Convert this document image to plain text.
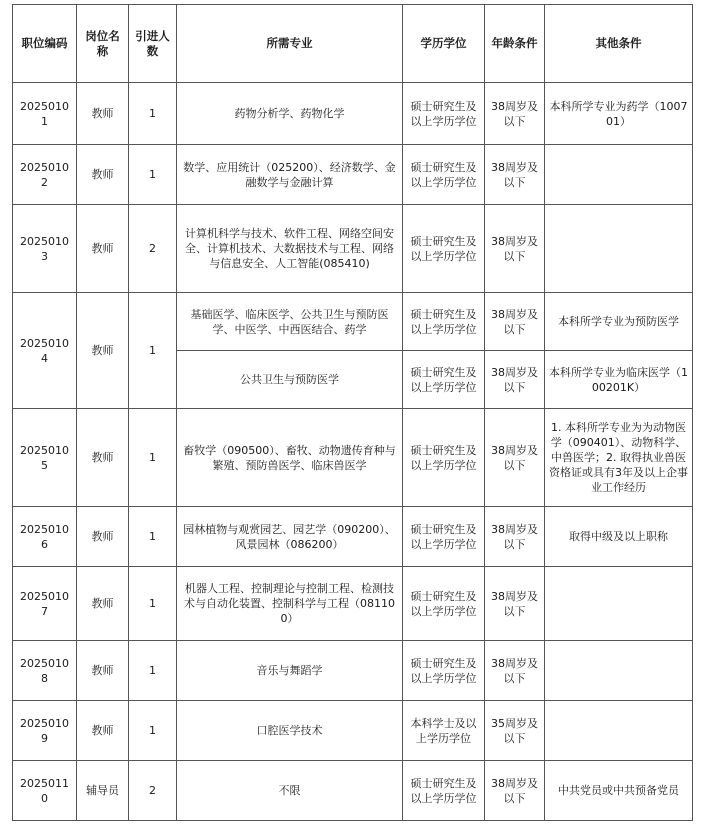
职位编码	岗位名称	引进人数	所需专业	学历学位	年龄条件	其他条件
20250101	教师	1	药物分析学、药物化学	硕士研究生及以上学历学位	38周岁及以下	本科所学专业为药学（100701）
20250102	教师	1	数学、应用统计（025200）、经济数学、金融数学与金融计算	硕士研究生及以上学历学位	38周岁及以下	
20250103	教师	2	计算机科学与技术、软件工程、网络空间安全、计算机技术、大数据技术与工程、网络与信息安全、人工智能(085410)	硕士研究生及以上学历学位	38周岁及以下	
20250104	教师	1	基础医学、临床医学、公共卫生与预防医学、中医学、中西医结合、药学	硕士研究生及以上学历学位	38周岁及以下	本科所学专业为预防医学
			公共卫生与预防医学	硕士研究生及以上学历学位	38周岁及以下	本科所学专业为临床医学（100201K）
20250105	教师	1	畜牧学（090500）、畜牧、动物遗传育种与繁殖、预防兽医学、临床兽医学	硕士研究生及以上学历学位	38周岁及以下	1. 本科所学专业为为动物医学（090401）、动物科学、中兽医学；2. 取得执业兽医资格证或具有3年及以上企事业工作经历
20250106	教师	1	园林植物与观赏园艺、园艺学（090200）、风景园林（086200）	硕士研究生及以上学历学位	38周岁及以下	取得中级及以上职称
20250107	教师	1	机器人工程、控制理论与控制工程、检测技术与自动化装置、控制科学与工程（081100）	硕士研究生及以上学历学位	38周岁及以下	
20250108	教师	1	音乐与舞蹈学	硕士研究生及以上学历学位	38周岁及以下	
20250109	教师	1	口腔医学技术	本科学士及以上学历学位	35周岁及以下	
20250110	辅导员	2	不限	硕士研究生及以上学历学位	38周岁及以下	中共党员或中共预备党员
